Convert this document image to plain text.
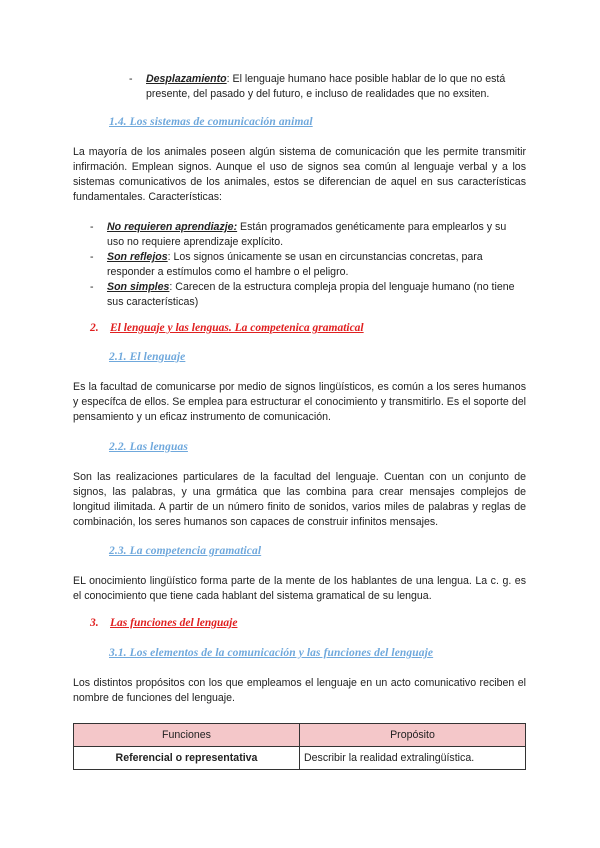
- Desplazamiento: El lenguaje humano hace posible hablar de lo que no está

presente, del pasado y del futuro, e incluso de realidades que no exsiten.

1.4. Los sistemas de comunicación animal

La mayoría de los animales poseen algún sistema de comunicación que les permite transmitir infirmación. Emplean signos. Aunque el uso de signos sea común al lenguaje verbal y a los sistemas comunicativos de los animales, estos se diferencian de aquel en sus características fundamentales. Características:

- No requieren aprendiazje: Están programados genéticamente para emplearlos y su uso no requiere aprendizaje explícito.

- Son reflejos: Los signos únicamente se usan en circunstancias concretas, para responder a estímulos como el hambre o el peligro.

- Son simples: Carecen de la estructura compleja propia del lenguaje humano (no tiene sus características)

2. El lenguaje y las lenguas. La competenica gramatical
2.1. El lenguaje

Es la facultad de comunicarse por medio de signos lingüísticos, es común a los seres humanos y específca de ellos. Se emplea para estructurar el conocimiento y transmitirlo. Es el soporte del pensamiento y un eficaz instrumento de comunicación.

2.2. Las lenguas

Son las realizaciones particulares de la facultad del lenguaje. Cuentan con un conjunto de signos, las palabras, y una grmática que las combina para crear mensajes complejos de longitud ilimitada. A partir de un número finito de sonidos, varios miles de palabras y reglas de combinación, los seres humanos son capaces de construir infinitos mensajes.

2.3. La competencia gramatical

EL onocimiento lingüístico forma parte de la mente de los hablantes de una lengua. La c. g. es el conocimiento que tiene cada hablant del sistema gramatical de su lengua.

3. Las funciones del lenguaje
3.1. Los elementos de la comunicación y las funciones del lenguaje

Los distintos propósitos con los que empleamos el lenguaje en un acto comunicativo reciben el nombre de funciones del lenguaje.

Funciones	Propósito
Referencial o representativa	Describir la realidad extralingüística.
